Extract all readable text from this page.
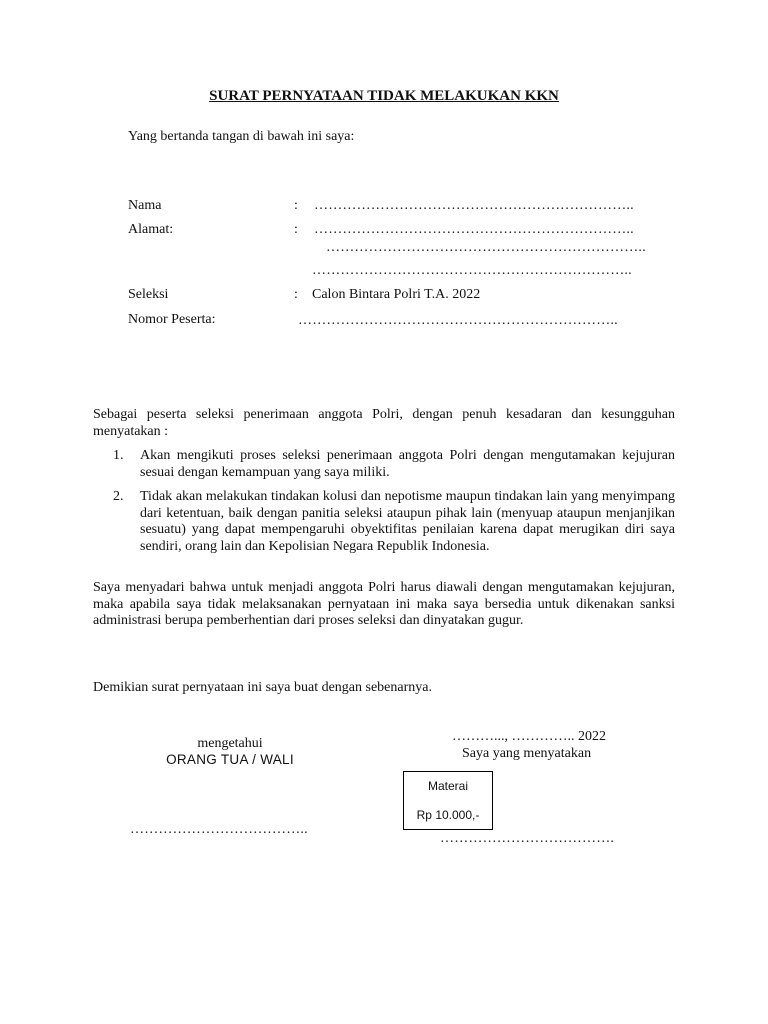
SURAT PERNYATAAN TIDAK MELAKUKAN KKN
Yang bertanda tangan di bawah ini saya:
Nama	: …………………………………………………………..
Alamat:	: …………………………………………………………..
…………………………………………………………..
…………………………………………………………..
Seleksi	: Calon Bintara Polri T.A. 2022
Nomor Peserta:	…………………………………………………………..
Sebagai peserta seleksi penerimaan anggota Polri, dengan penuh kesadaran dan kesungguhan menyatakan :
1. Akan mengikuti proses seleksi penerimaan anggota Polri dengan mengutamakan kejujuran sesuai dengan kemampuan yang saya miliki.
2. Tidak akan melakukan tindakan kolusi dan nepotisme maupun tindakan lain yang menyimpang dari ketentuan, baik dengan panitia seleksi ataupun pihak lain (menyuap ataupun menjanjikan sesuatu) yang dapat mempengaruhi obyektifitas penilaian karena dapat merugikan diri saya sendiri, orang lain dan Kepolisian Negara Republik Indonesia.
Saya menyadari bahwa untuk menjadi anggota Polri harus diawali dengan mengutamakan kejujuran, maka apabila saya tidak melaksanakan pernyataan ini maka saya bersedia untuk dikenakan sanksi administrasi berupa pemberhentian dari proses seleksi dan dinyatakan gugur.
Demikian surat pernyataan ini saya buat dengan sebenarnya.
mengetahui
ORANG TUA / WALI
………………………………..
………..., ………….. 2022
Saya yang menyatakan
Materai
Rp 10.000,-
……………………………….
